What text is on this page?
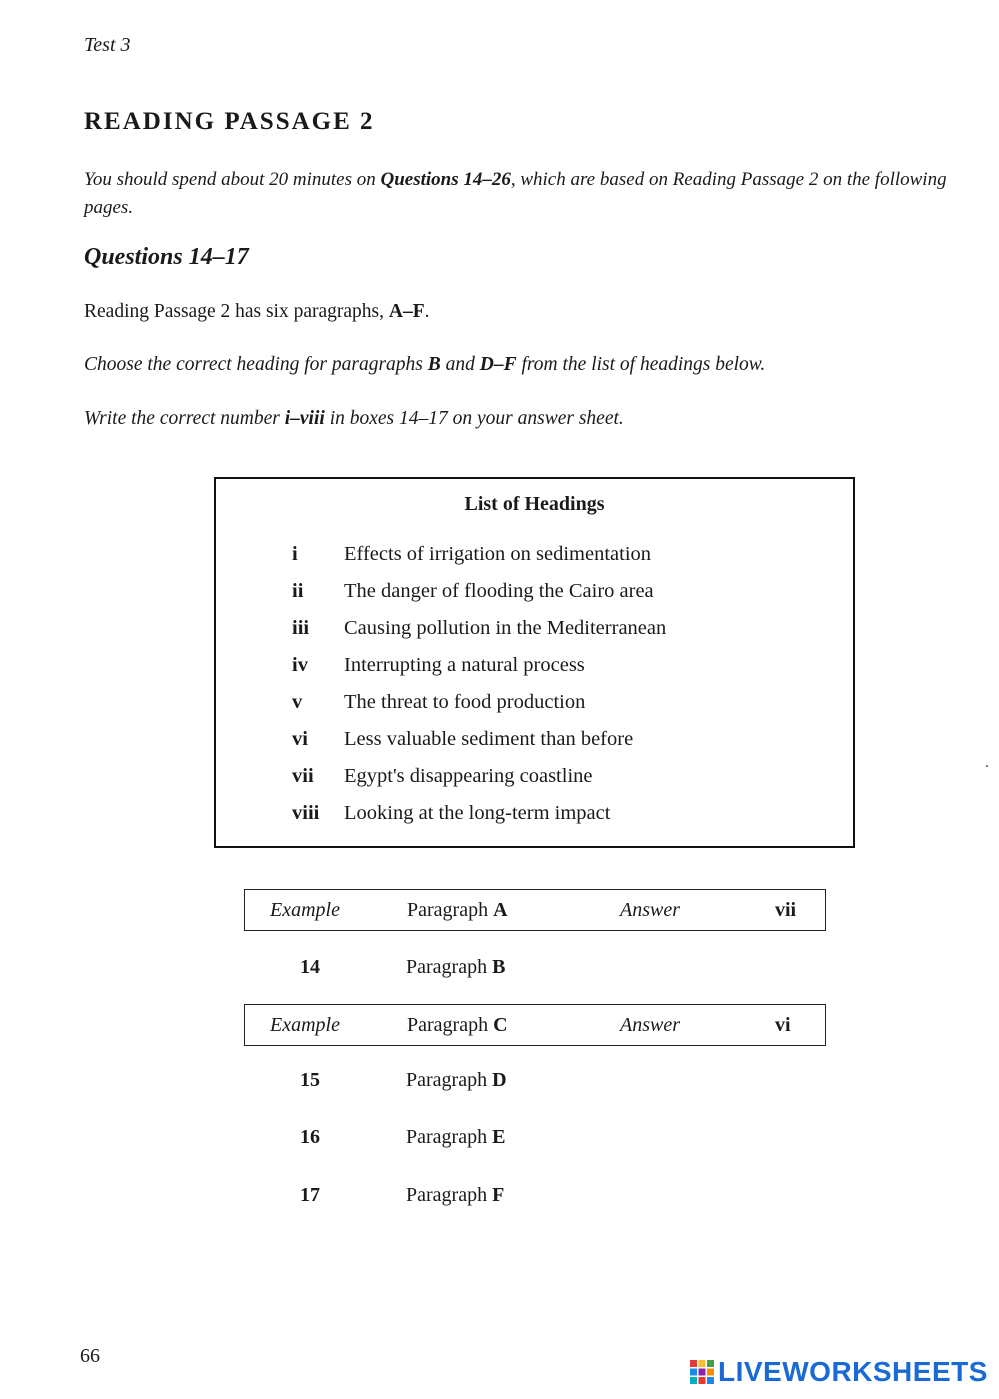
Test 3
READING PASSAGE 2
You should spend about 20 minutes on Questions 14–26, which are based on Reading Passage 2 on the following pages.
Questions 14–17
Reading Passage 2 has six paragraphs, A–F.
Choose the correct heading for paragraphs B and D–F from the list of headings below.
Write the correct number i–viii in boxes 14–17 on your answer sheet.
List of Headings
i	Effects of irrigation on sedimentation
ii	The danger of flooding the Cairo area
iii	Causing pollution in the Mediterranean
iv	Interrupting a natural process
v	The threat to food production
vi	Less valuable sediment than before
vii	Egypt's disappearing coastline
viii	Looking at the long-term impact
Example	Paragraph A	Answer	vii
14	Paragraph B
Example	Paragraph C	Answer	vi
15	Paragraph D
16	Paragraph E
17	Paragraph F
66	LIVEWORKSHEETS
